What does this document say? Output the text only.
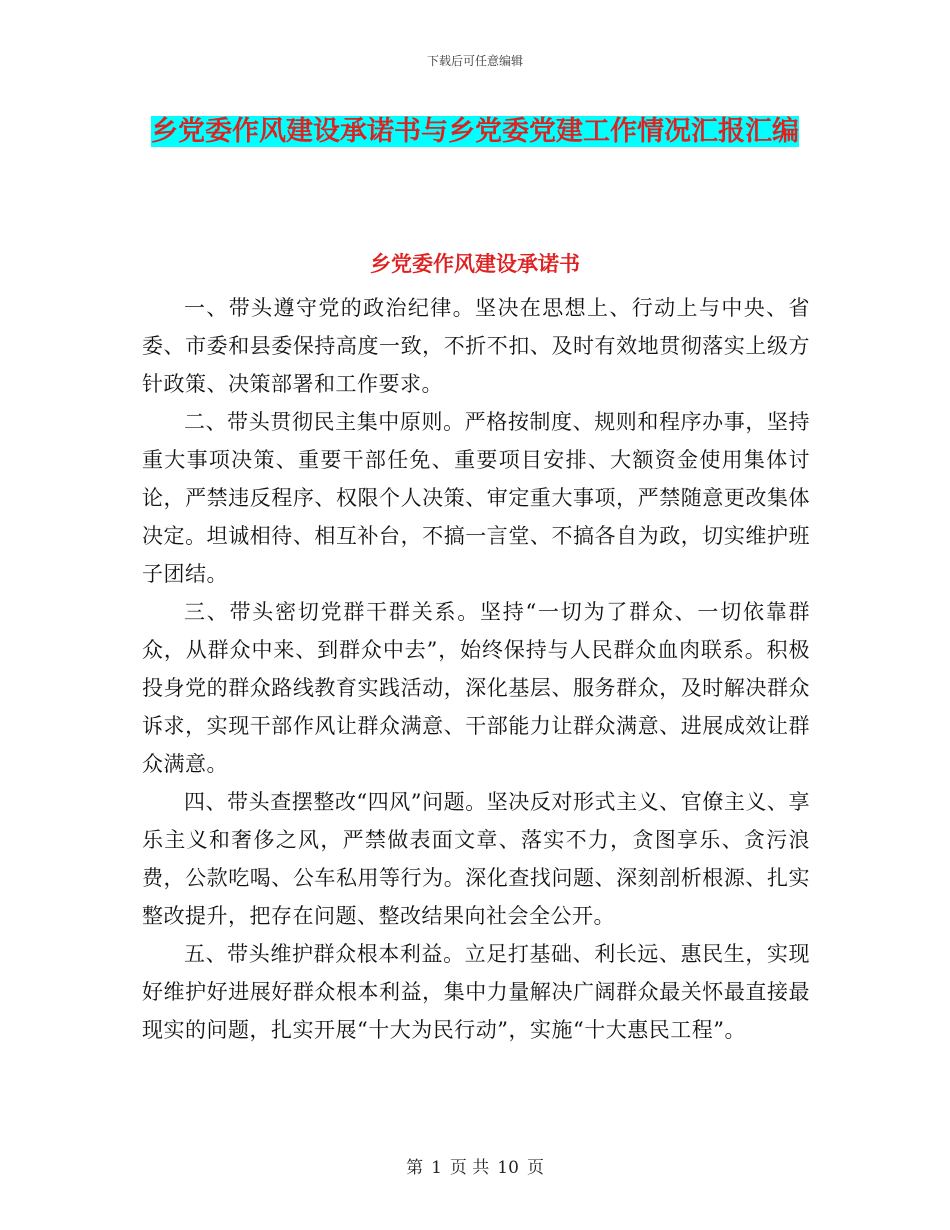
下载后可任意编辑
乡党委作风建设承诺书与乡党委党建工作情况汇报汇编
乡党委作风建设承诺书

一、带头遵守党的政治纪律。坚决在思想上、行动上与中央、省委、市委和县委保持高度一致，不折不扣、及时有效地贯彻落实上级方针政策、决策部署和工作要求。

二、带头贯彻民主集中原则。严格按制度、规则和程序办事，坚持重大事项决策、重要干部任免、重要项目安排、大额资金使用集体讨论，严禁违反程序、权限个人决策、审定重大事项，严禁随意更改集体决定。坦诚相待、相互补台，不搞一言堂、不搞各自为政，切实维护班子团结。

三、带头密切党群干群关系。坚持“一切为了群众、一切依靠群众，从群众中来、到群众中去”，始终保持与人民群众血肉联系。积极投身党的群众路线教育实践活动，深化基层、服务群众，及时解决群众诉求，实现干部作风让群众满意、干部能力让群众满意、进展成效让群众满意。

四、带头查摆整改“四风”问题。坚决反对形式主义、官僚主义、享乐主义和奢侈之风，严禁做表面文章、落实不力，贪图享乐、贪污浪费，公款吃喝、公车私用等行为。深化查找问题、深刻剖析根源、扎实整改提升，把存在问题、整改结果向社会全公开。

五、带头维护群众根本利益。立足打基础、利长远、惠民生，实现好维护好进展好群众根本利益，集中力量解决广阔群众最关怀最直接最现实的问题，扎实开展“十大为民行动”，实施“十大惠民工程”。

第 1 页 共 10 页
